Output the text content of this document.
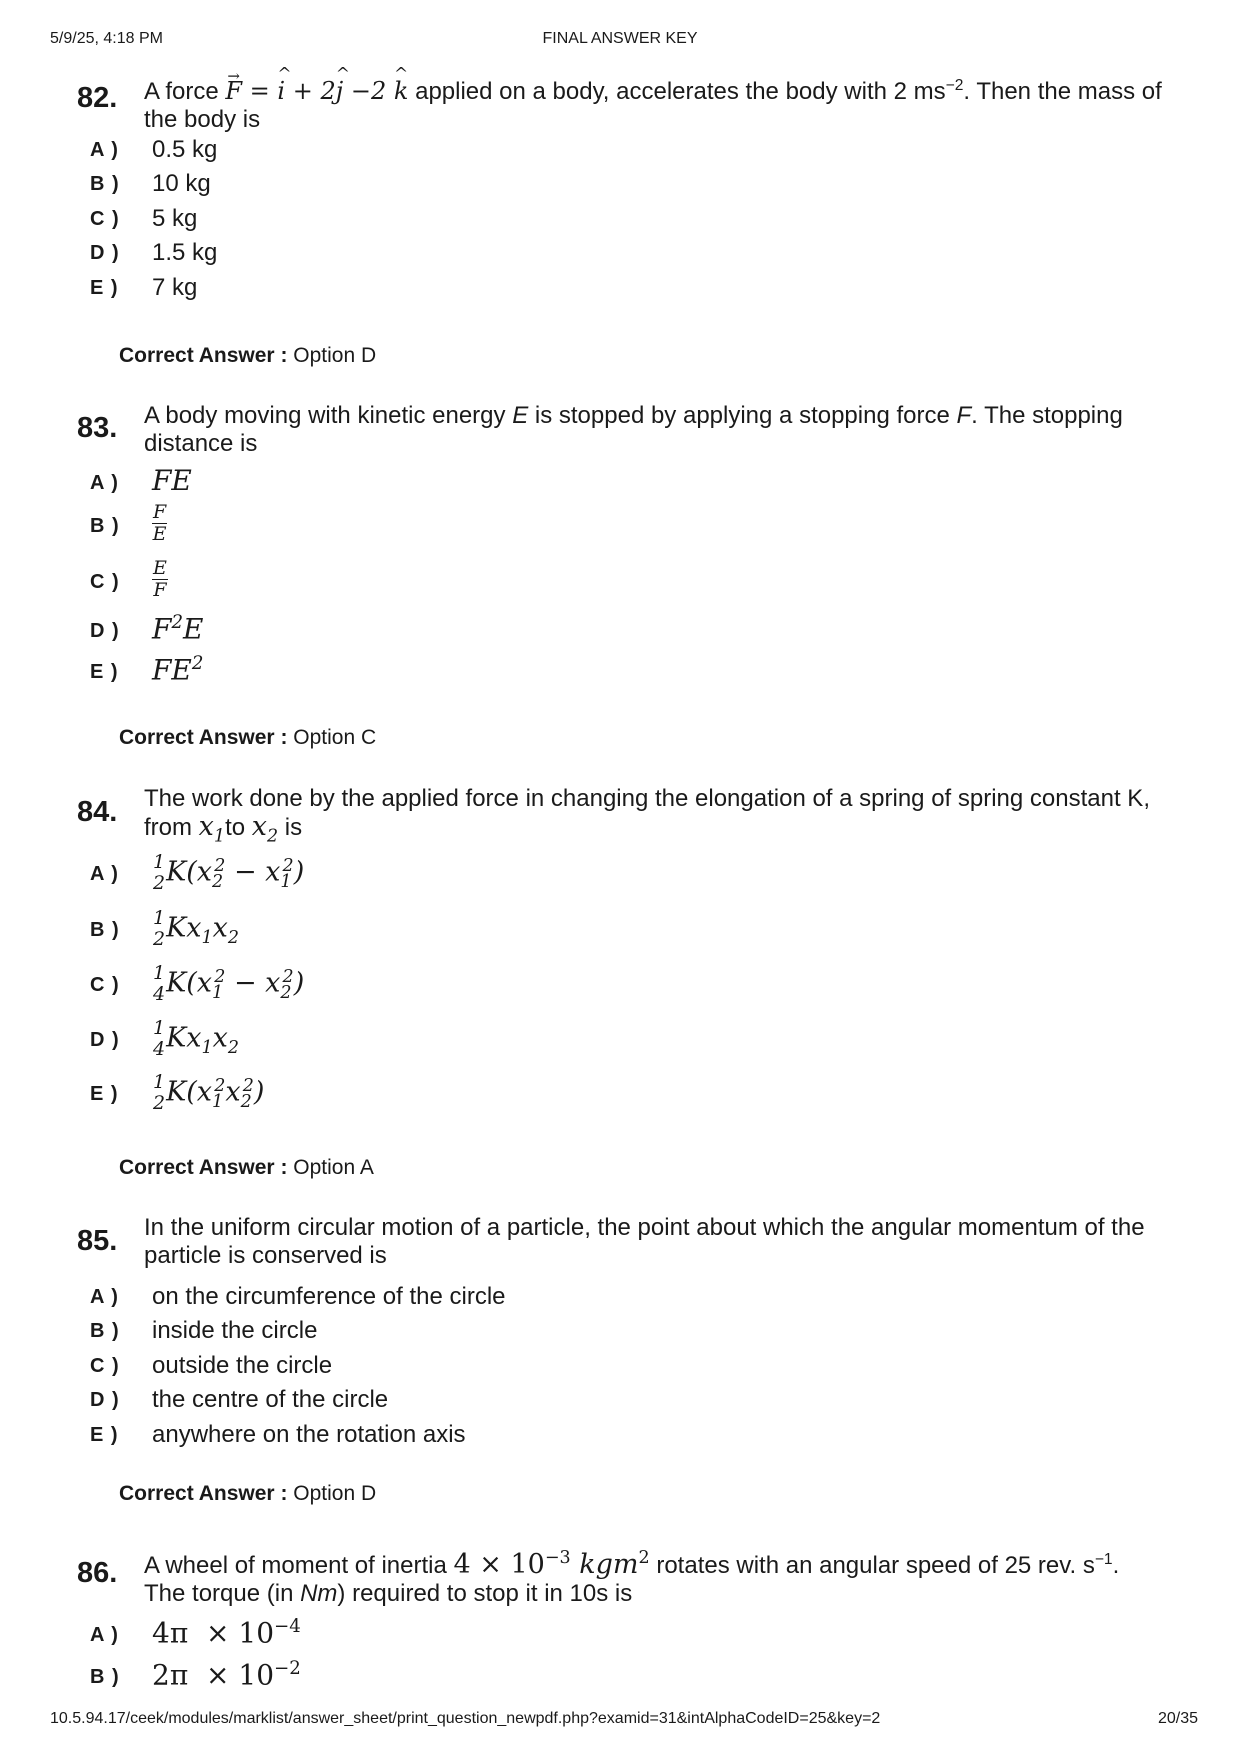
5/9/25, 4:18 PM	FINAL ANSWER KEY
82. A force → F = ^ i + 2^ j −2 ^ k applied on a body, accelerates the body with 2 $ms^{-2}$. Then the mass of the body is
A ) 0.5 kg
B ) 10 kg
C ) 5 kg
D ) 1.5 kg
E ) 7 kg
Correct Answer : Option D
83. A body moving with kinetic energy E is stopped by applying a stopping force F. The stopping distance is
A ) FE
B ) $\frac{F}{E}$
C ) $\frac{E}{F}$
D ) $F^2E$
E ) $FE^2$
Correct Answer : Option C
84. The work done by the applied force in changing the elongation of a spring of spring constant K, from $x_1to$ $x_2$ is
A )
1
2 $K(x_2^2 - x_1^2)$
B )
1
2 $Kx_1x_2$
C )
1
4 $K(x_1^2 - x_2^2)$
D )
1
4 $Kx_1x_2$
E )
1
2 $K(x_1^2x_2^2)$
Correct Answer : Option A
85. In the uniform circular motion of a particle, the point about which the angular momentum of the particle is conserved is
A ) on the circumference of the circle
B ) inside the circle
C ) outside the circle
D ) the centre of the circle
E ) anywhere on the rotation axis
Correct Answer : Option D
86. A wheel of moment of inertia $4 \times 10^{-3}$ kgm$^2$ rotates with an angular speed of 25 rev. $s^{-1}$.
The torque (in Nm) required to stop it in 10s is
A ) $4\pi \times 10^{-4}$
B ) $2\pi \times 10^{-2}$
10.5.94.17/ceek/modules/marklist/answer_sheet/print_question_newpdf.php?examid=31&intAlphaCodeID=25&key=2	20/35
